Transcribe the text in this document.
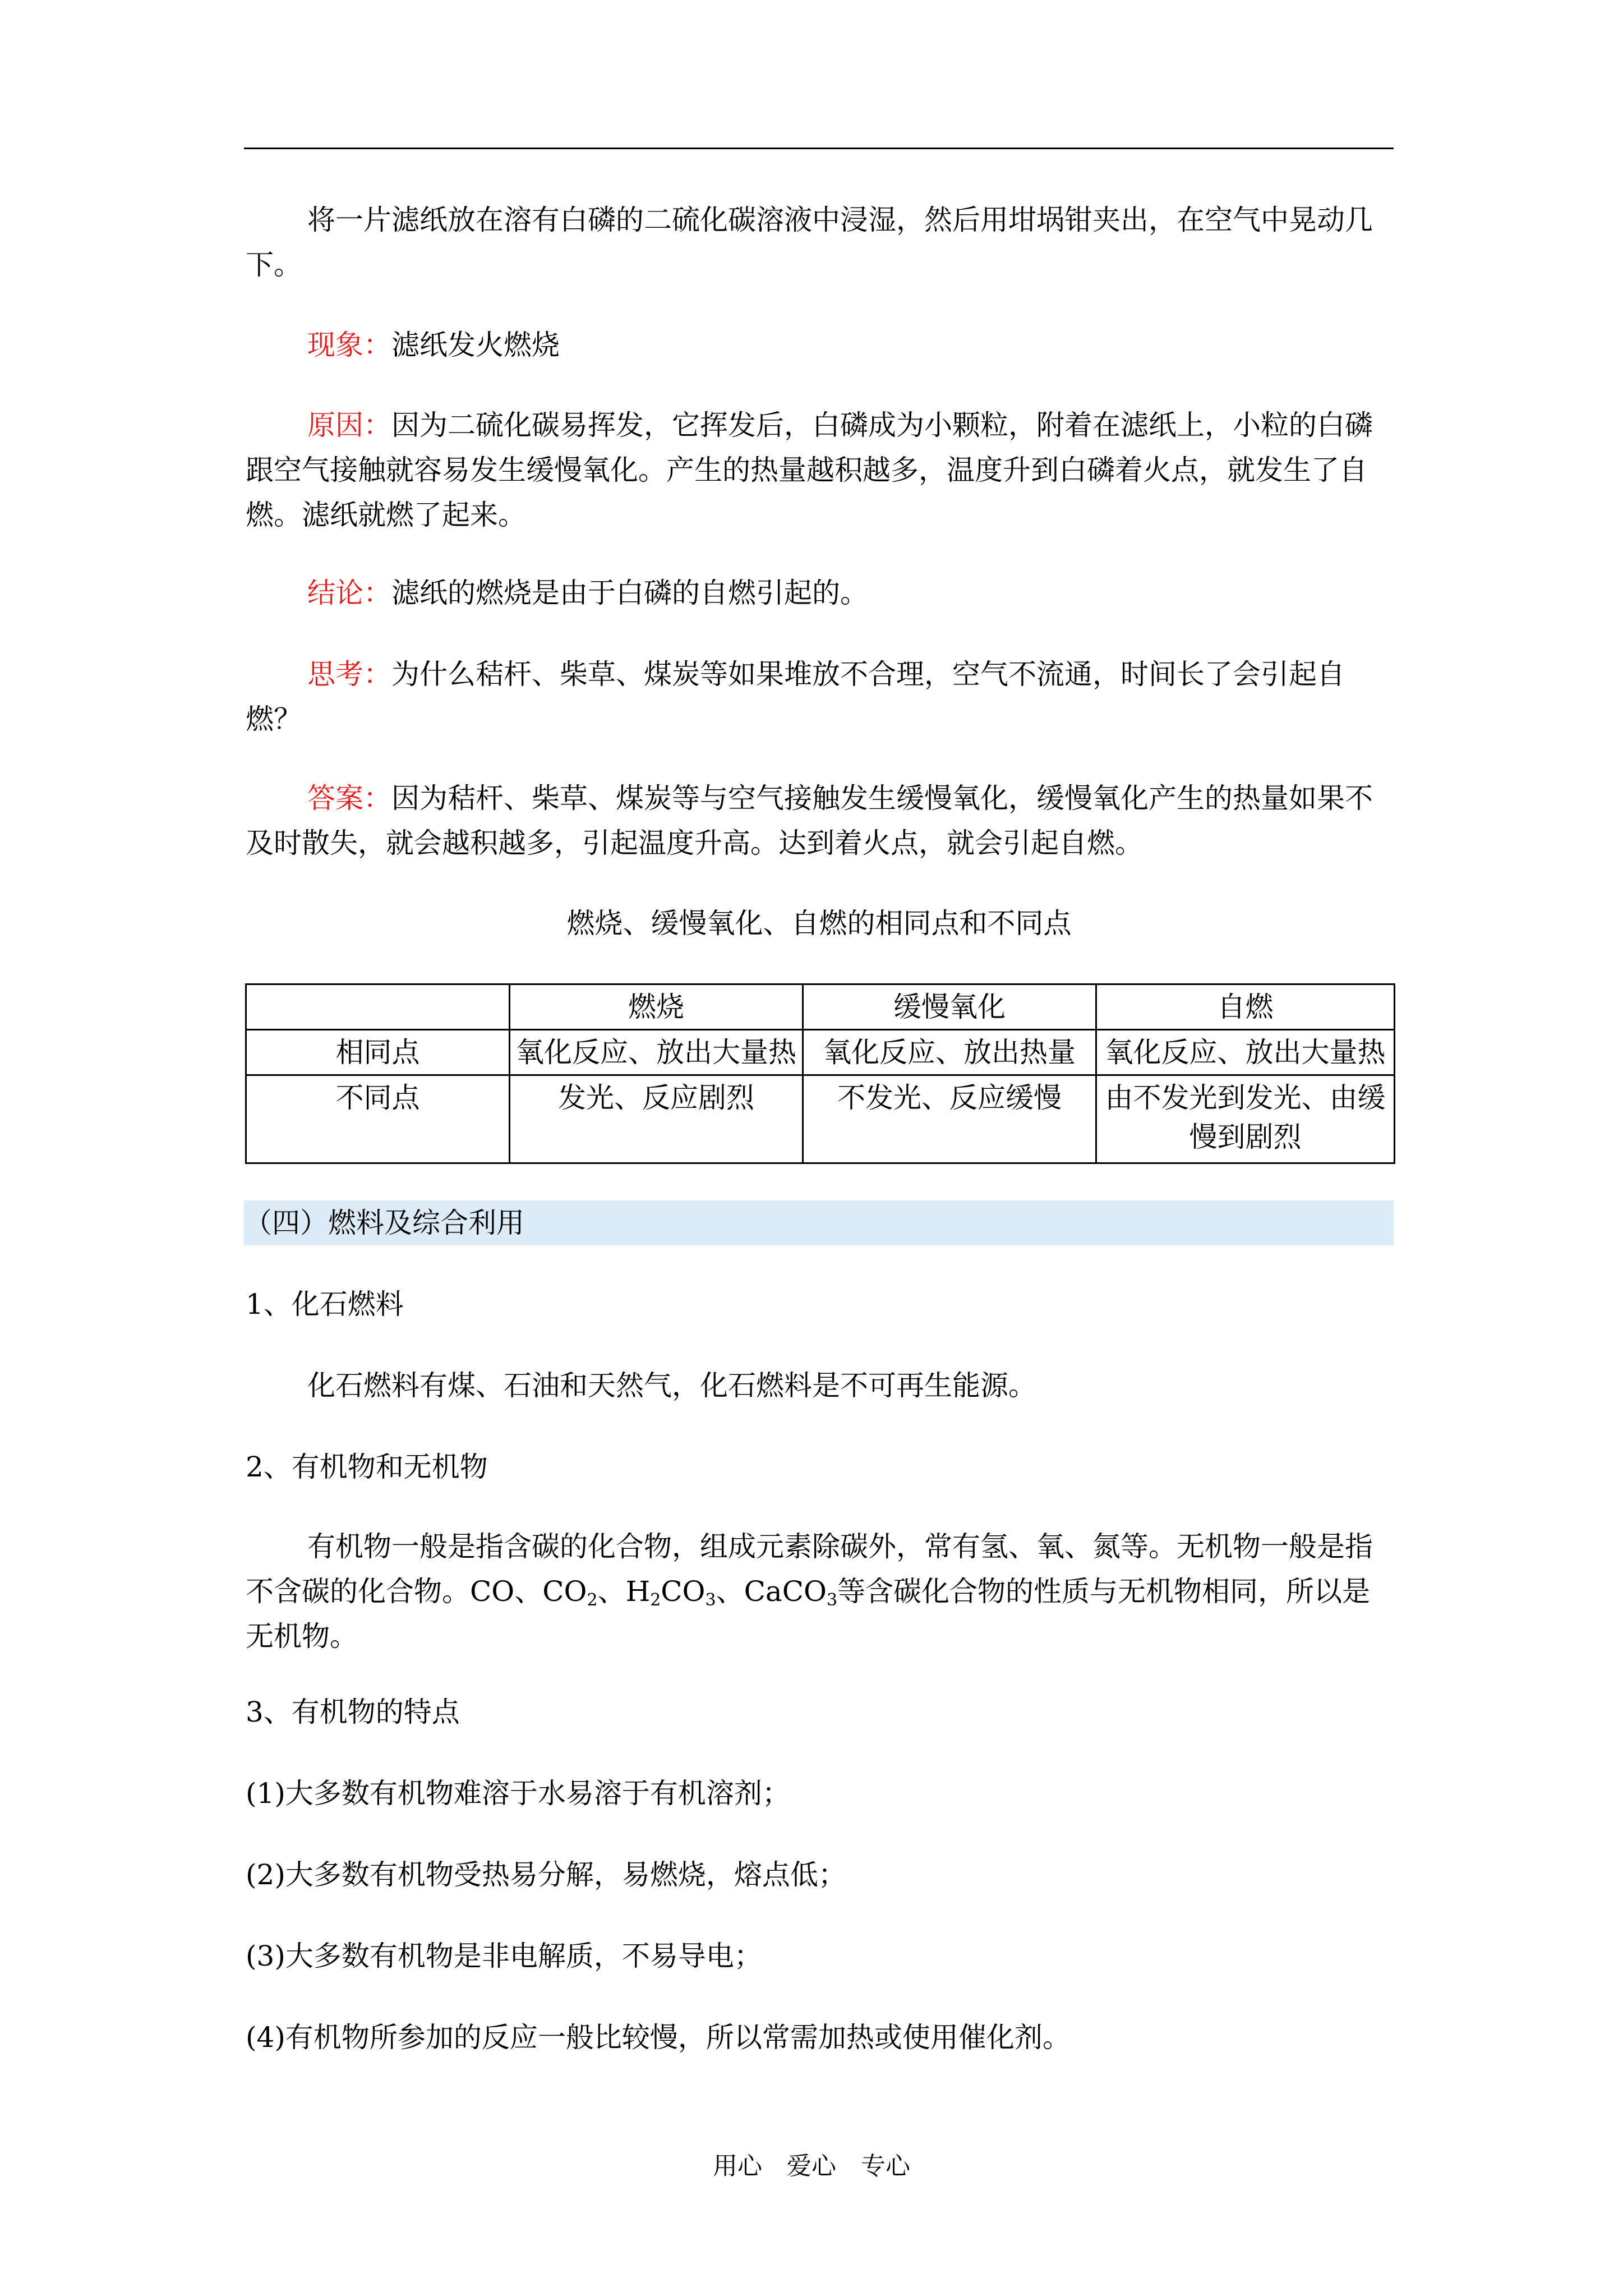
将一片滤纸放在溶有白磷的二硫化碳溶液中浸湿，然后用坩埚钳夹出，在空气中晃动几下。

现象：滤纸发火燃烧

原因：因为二硫化碳易挥发，它挥发后，白磷成为小颗粒，附着在滤纸上，小粒的白磷跟空气接触就容易发生缓慢氧化。产生的热量越积越多，温度升到白磷着火点，就发生了自燃。滤纸就燃了起来。

结论：滤纸的燃烧是由于白磷的自燃引起的。

思考：为什么秸杆、柴草、煤炭等如果堆放不合理，空气不流通，时间长了会引起自燃？

答案：因为秸杆、柴草、煤炭等与空气接触发生缓慢氧化，缓慢氧化产生的热量如果不及时散失，就会越积越多，引起温度升高。达到着火点，就会引起自燃。

燃烧、缓慢氧化、自燃的相同点和不同点

	燃烧	缓慢氧化	自燃
相同点	氧化反应、放出大量热	氧化反应、放出热量	氧化反应、放出大量热
不同点	发光、反应剧烈	不发光、反应缓慢	由不发光到发光、由缓慢到剧烈
（四）燃料及综合利用

1、化石燃料

化石燃料有煤、石油和天然气，化石燃料是不可再生能源。

2、有机物和无机物

有机物一般是指含碳的化合物，组成元素除碳外，常有氢、氧、氮等。无机物一般是指不含碳的化合物。CO、$CO_2$、$H_2CO_3$、CaCO$_3$等含碳化合物的性质与无机物相同，所以是无机物。

3、有机物的特点

(1)大多数有机物难溶于水易溶于有机溶剂；

(2)大多数有机物受热易分解，易燃烧，熔点低；

(3)大多数有机物是非电解质，不易导电；

(4)有机物所参加的反应一般比较慢，所以常需加热或使用催化剂。

用心　爱心　专心
